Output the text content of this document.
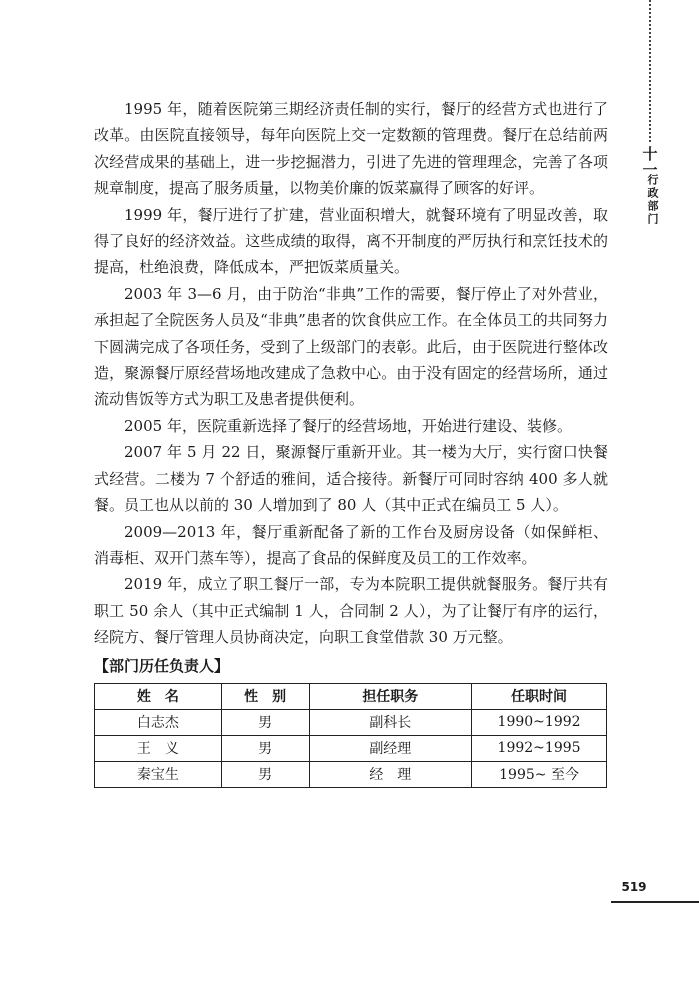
十一
行政部门

1995 年，随着医院第三期经济责任制的实行，餐厅的经营方式也进行了改革。由医院直接领导，每年向医院上交一定数额的管理费。餐厅在总结前两次经营成果的基础上，进一步挖掘潜力，引进了先进的管理理念，完善了各项规章制度，提高了服务质量，以物美价廉的饭菜赢得了顾客的好评。

1999 年，餐厅进行了扩建，营业面积增大，就餐环境有了明显改善，取得了良好的经济效益。这些成绩的取得，离不开制度的严厉执行和烹饪技术的提高，杜绝浪费，降低成本，严把饭菜质量关。

2003 年 3—6 月，由于防治“非典”工作的需要，餐厅停止了对外营业，承担起了全院医务人员及“非典”患者的饮食供应工作。在全体员工的共同努力下圆满完成了各项任务，受到了上级部门的表彰。此后，由于医院进行整体改造，聚源餐厅原经营场地改建成了急救中心。由于没有固定的经营场所，通过流动售饭等方式为职工及患者提供便利。

2005 年，医院重新选择了餐厅的经营场地，开始进行建设、装修。

2007 年 5 月 22 日，聚源餐厅重新开业。其一楼为大厅，实行窗口快餐式经营。二楼为 7 个舒适的雅间，适合接待。新餐厅可同时容纳 400 多人就餐。员工也从以前的 30 人增加到了 80 人（其中正式在编员工 5 人）。

2009—2013 年，餐厅重新配备了新的工作台及厨房设备（如保鲜柜、消毒柜、双开门蒸车等），提高了食品的保鲜度及员工的工作效率。

2019 年，成立了职工餐厅一部，专为本院职工提供就餐服务。餐厅共有职工 50 余人（其中正式编制 1 人，合同制 2 人），为了让餐厅有序的运行，经院方、餐厅管理人员协商决定，向职工食堂借款 30 万元整。

【部门历任负责人】
姓　名	性　别	担任职务	任职时间
白志杰	男	副科长	1990~1992
王　义	男	副经理	1992~1995
秦宝生	男	经　理	1995~ 至今
519
